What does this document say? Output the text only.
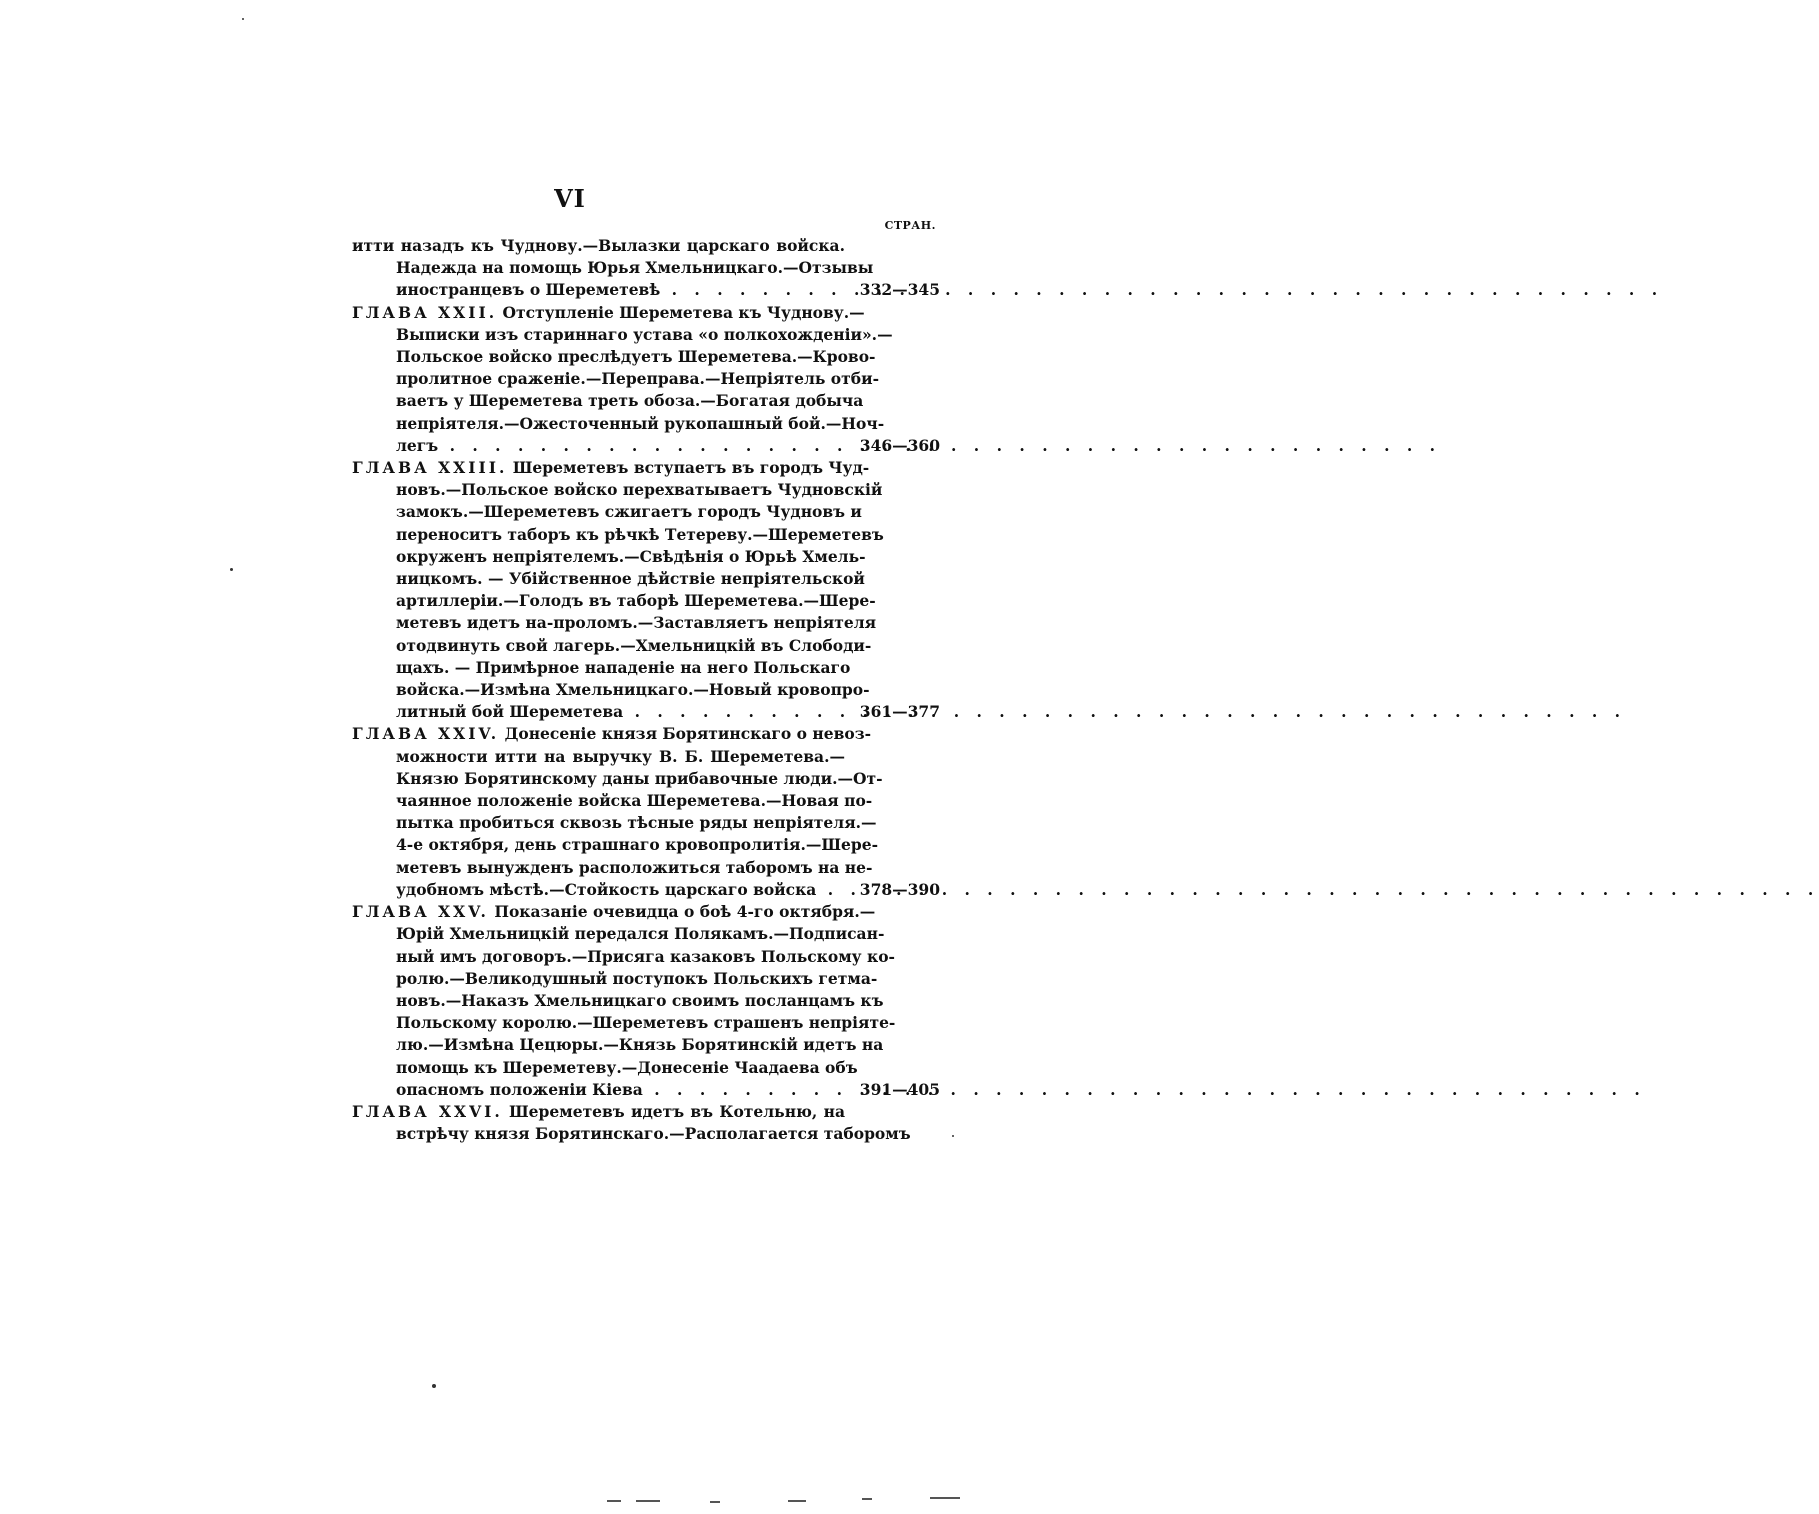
VI
СТРАН.
итти назадъ къ Чуднову.—Вылазки царскаго войска.
Надежда на помощь Юрья Хмельницкаго.—Отзывы
иностранцевъ о Шереметевѣ . . .	332—345
ГЛАВА XXII. Отступленіе Шереметева къ Чуднову.—
Выписки изъ стариннаго устава «о полкохожденіи».—
Польское войско преслѣдуетъ Шереметева.—Крово-
пролитное сраженіе.—Переправа.—Непріятель отби-
ваетъ у Шереметева треть обоза.—Богатая добыча
непріятеля.—Ожесточенный рукопашный бой.—Ноч-
легъ . . .	346—360
ГЛАВА XXIII. Шереметевъ вступаетъ въ городъ Чуд-
новъ.—Польское войско перехватываетъ Чудновскій
замокъ.—Шереметевъ сжигаетъ городъ Чудновъ и
переноситъ таборъ къ рѣчкѣ Тетереву.—Шереметевъ
окруженъ непріятелемъ.—Свѣдѣнія о Юрьѣ Хмель-
ницкомъ. — Убійственное дѣйствіе непріятельской
артиллеріи.—Голодъ въ таборѣ Шереметева.—Шере-
метевъ идетъ на-проломъ.—Заставляетъ непріятеля
отодвинуть свой лагерь.—Хмельницкій въ Слободи-
щахъ. — Примѣрное нападеніе на него Польскаго
войска.—Измѣна Хмельницкаго.—Новый кровопро-
литный бой Шереметева . . .	361—377
ГЛАВА XXIV. Донесеніе князя Борятинскаго о невоз-
можности итти на выручку В. Б. Шереметева.—
Князю Борятинскому даны прибавочные люди.—От-
чаянное положеніе войска Шереметева.—Новая по-
пытка пробиться сквозь тѣсные ряды непріятеля.—
4-е октября, день страшнаго кровопролитія.—Шере-
метевъ вынужденъ расположиться таборомъ на не-
удобномъ мѣстѣ.—Стойкость царскаго войска . . .	378—390
ГЛАВА XXV. Показаніе очевидца о боѣ 4-го октября.—
Юрій Хмельницкій передался Полякамъ.—Подписан-
ный имъ договоръ.—Присяга казаковъ Польскому ко-
ролю.—Великодушный поступокъ Польскихъ гетма-
новъ.—Наказъ Хмельницкаго своимъ посланцамъ къ
Польскому королю.—Шереметевъ страшенъ непріяте-
лю.—Измѣна Цецюры.—Князь Борятинскій идетъ на
помощь къ Шереметеву.—Донесеніе Чаадаева объ
опасномъ положеніи Кіева . . .	391—405
ГЛАВА XXVI. Шереметевъ идетъ въ Котельню, на
встрѣчу князя Борятинскаго.—Располагается таборомъ
